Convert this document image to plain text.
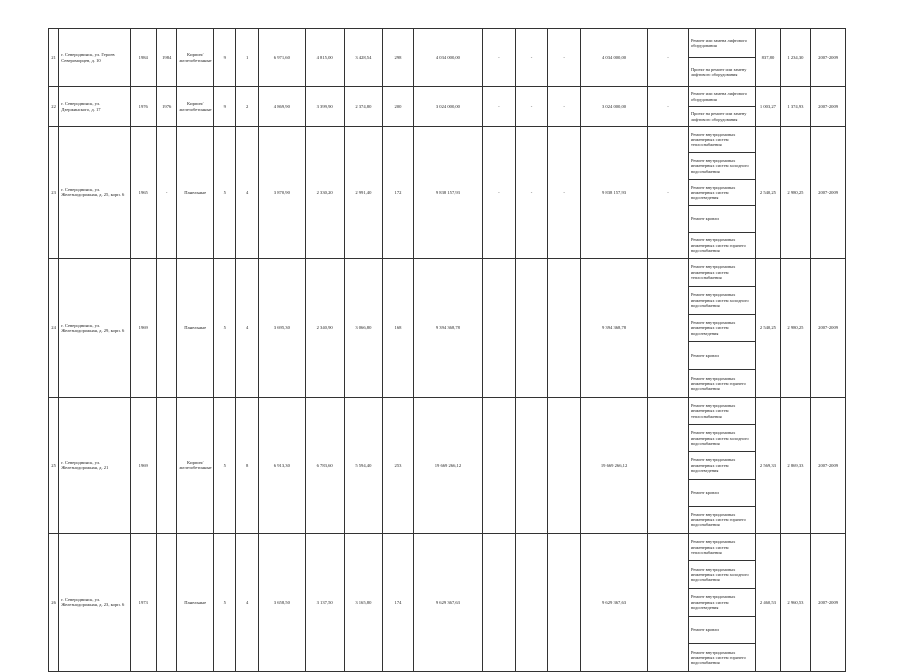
21	г. Северодвинск, ул. Героев Североморцев, д. 10	1984	1984	Кирпич/ железобетонные	9	1	6 971,60	4 815,00	3 428,54	298	4 034 000,00	-	-	-	4 034 000,00	-	Ремонт или замена лифтового оборудования
Проект на ремонт или замену лифтового оборудования	837,80	1 234,30	2007-2009
22	г. Северодвинск, ул. Дзержинского, д. 17	1976	1976	Кирпич/ железобетонные	9	2	4 869,90	3 399,90	2 374,80	200	3 024 000,00	-	-	-	3 024 000,00	-	Ремонт или замена лифтового оборудования
Проект на ремонт или замену лифтового оборудования	1 003,27	1 374,93	2007-2009
23	г. Северодвинск, ул. Железнодорожная, д. 25, корп. 6	1965	-	Панельные	5	4	3 870,90	2 330,20	2 991,40	172	9 838 157,93	-	-	-	9 838 157,93	-	Ремонт внутридомовых инженерных систем теплоснабжения
Ремонт внутридомовых инженерных систем холодного водоснабжения
Ремонт внутридомовых инженерных систем водоотведения
Ремонт кровли
Ремонт внутридомовых инженерных систем горячего водоснабжения	2 540,25	2 980,25	2007-2009
24	г. Северодвинск, ул. Железнодорожная, д. 29, корп. 6	1969		Панельные	5	4	3 695,30	2 340,90	3 066,80	168	9 394 368,78				9 394 368,78		Ремонт внутридомовых инженерных систем теплоснабжения
Ремонт внутридомовых инженерных систем холодного водоснабжения
Ремонт внутридомовых инженерных систем водоотведения
Ремонт кровли
Ремонт внутридомовых инженерных систем горячего водоснабжения	2 540,25	2 980,25	2007-2009
25	г. Северодвинск, ул. Железнодорожная, д. 21	1969		Кирпич/ железобетонные	5	8	6 913,30	6 783,60	5 594,40	253	19 669 266,12				19 669 266,12		Ремонт внутридомовых инженерных систем теплоснабжения
Ремонт внутридомовых инженерных систем холодного водоснабжения
Ремонт внутридомовых инженерных систем водоотведения
Ремонт кровли
Ремонт внутридомовых инженерных систем горячего водоснабжения	2 569,33	2 869,33	2007-2009
26	г. Северодвинск, ул. Железнодорожная, д. 23, корп. 6	1973		Панельные	5	4	3 658,50	3 137,50	3 165,80	174	9 629 367,63				9 629 367,63		Ремонт внутридомовых инженерных систем теплоснабжения
Ремонт внутридомовых инженерных систем холодного водоснабжения
Ремонт внутридомовых инженерных систем водоотведения
Ремонт кровли
Ремонт внутридомовых инженерных систем горячего водоснабжения	2 460,53	2 960,53	2007-2009
